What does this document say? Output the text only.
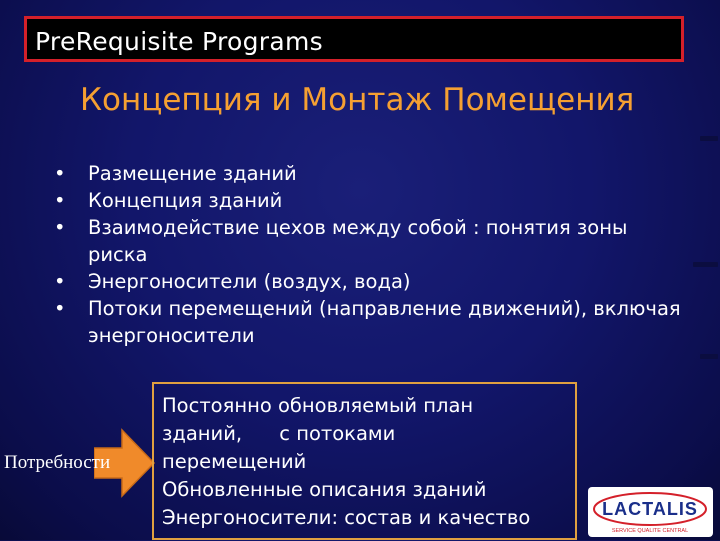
PreRequisite Programs
Концепция и Монтаж Помещения
• Размещение зданий
• Концепция зданий
• Взаимодействие цехов между собой : понятия зоны риска
• Энергоносители (воздух, вода)
• Потоки перемещений (направление движений), включая энергоносители
Потребности
Постоянно обновляемый план
зданий,      с потоками
перемещений
Обновленные описания зданий
Энергоносители: состав и качество	LACTALIS
SERVICE QUALITE CENTRAL
